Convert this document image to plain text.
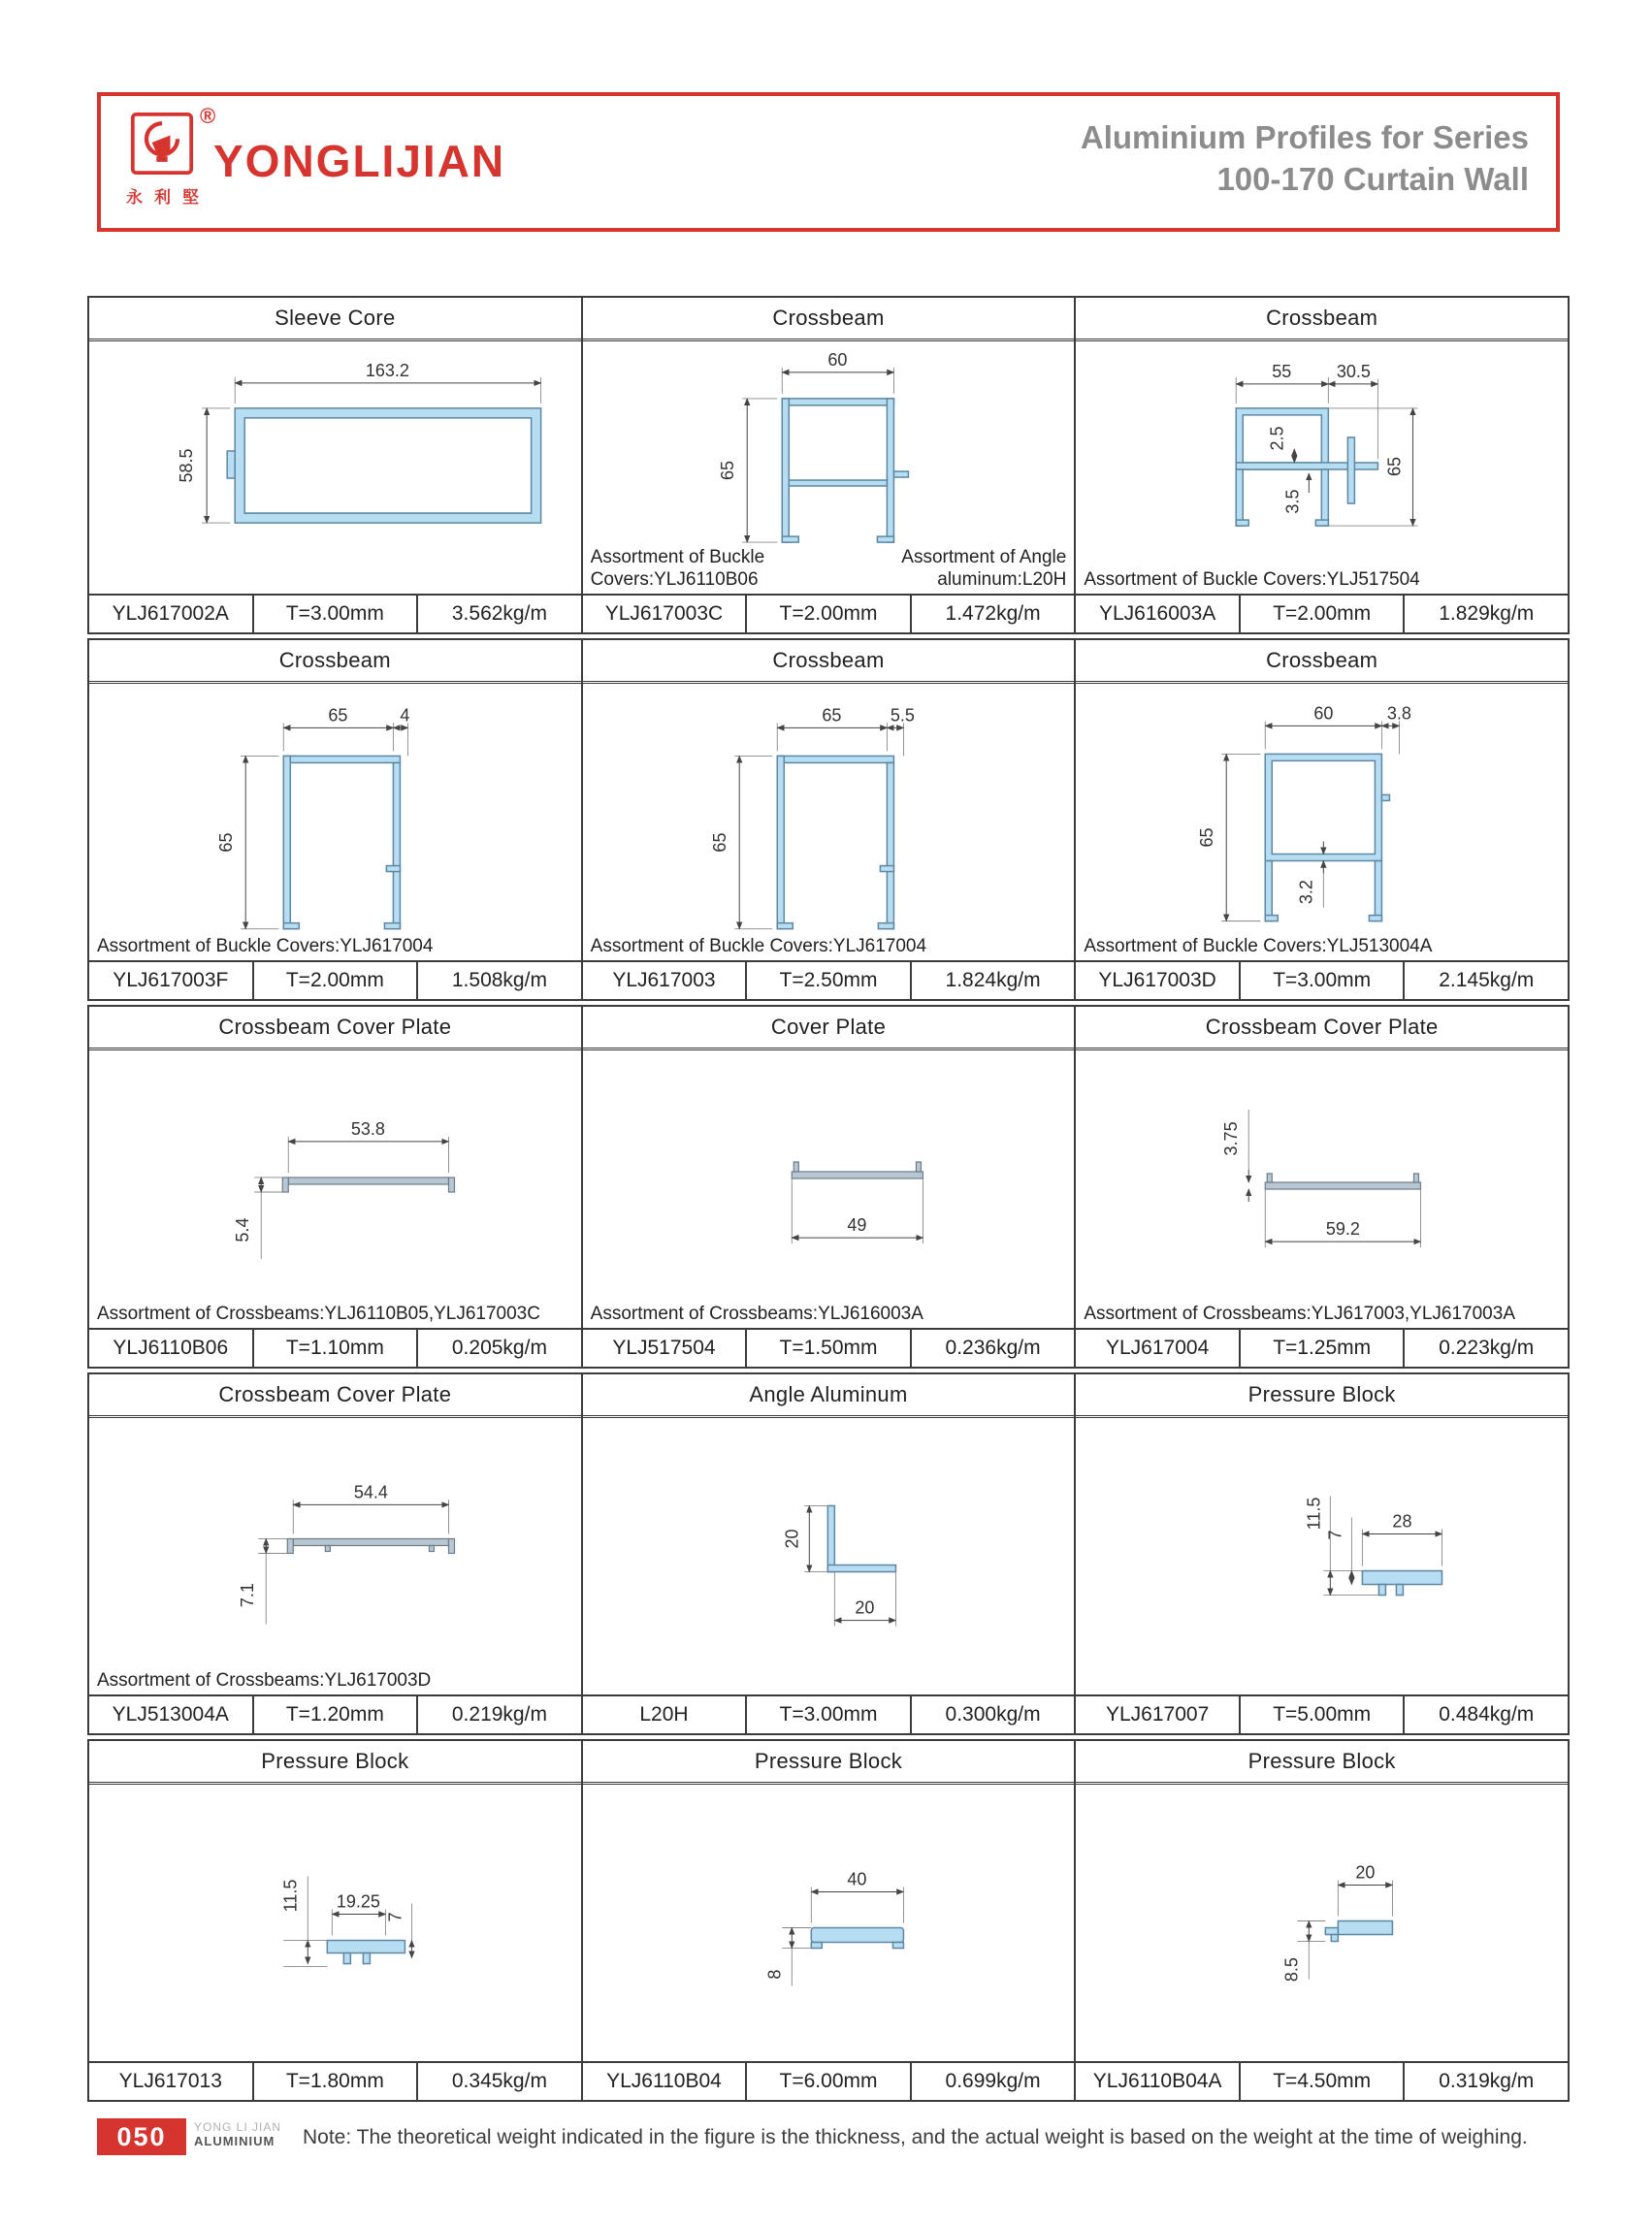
®
YONGLIJIAN
永利堅
Aluminium Profiles for Series
100-170 Curtain Wall
Sleeve Core
163.2
58.5
YLJ617002A	T=3.00mm	3.562kg/m
Crossbeam
60
65
Assortment of Buckle Covers:YLJ6110B06
Assortment of Angle aluminum:L20H
YLJ617003C	T=2.00mm	1.472kg/m
Crossbeam
55	30.5
2.5
3.5
65
Assortment of Buckle Covers:YLJ517504
YLJ616003A	T=2.00mm	1.829kg/m
Crossbeam
65	4
65
Assortment of Buckle Covers:YLJ617004
YLJ617003F	T=2.00mm	1.508kg/m
Crossbeam
65	5.5
65
Assortment of Buckle Covers:YLJ617004
YLJ617003	T=2.50mm	1.824kg/m
Crossbeam
60	3.8
65
3.2
Assortment of Buckle Covers:YLJ513004A
YLJ617003D	T=3.00mm	2.145kg/m
Crossbeam Cover Plate
53.8
5.4
Assortment of Crossbeams:YLJ6110B05,YLJ617003C
YLJ6110B06	T=1.10mm	0.205kg/m
Cover Plate
49
Assortment of Crossbeams:YLJ616003A
YLJ517504	T=1.50mm	0.236kg/m
Crossbeam Cover Plate
3.75
59.2
Assortment of Crossbeams:YLJ617003,YLJ617003A
YLJ617004	T=1.25mm	0.223kg/m
Crossbeam Cover Plate
54.4
7.1
Assortment of Crossbeams:YLJ617003D
YLJ513004A	T=1.20mm	0.219kg/m
Angle Aluminum
20
20
L20H	T=3.00mm	0.300kg/m
Pressure Block
28
11.5
7
YLJ617007	T=5.00mm	0.484kg/m
Pressure Block
19.25
11.5
7
YLJ617013	T=1.80mm	0.345kg/m
Pressure Block
40
8
YLJ6110B04	T=6.00mm	0.699kg/m
Pressure Block
20
8.5
YLJ6110B04A	T=4.50mm	0.319kg/m
050	YONG LI JIAN
ALUMINIUM	Note: The theoretical weight indicated in the figure is the thickness, and the actual weight is based on the weight at the time of weighing.
